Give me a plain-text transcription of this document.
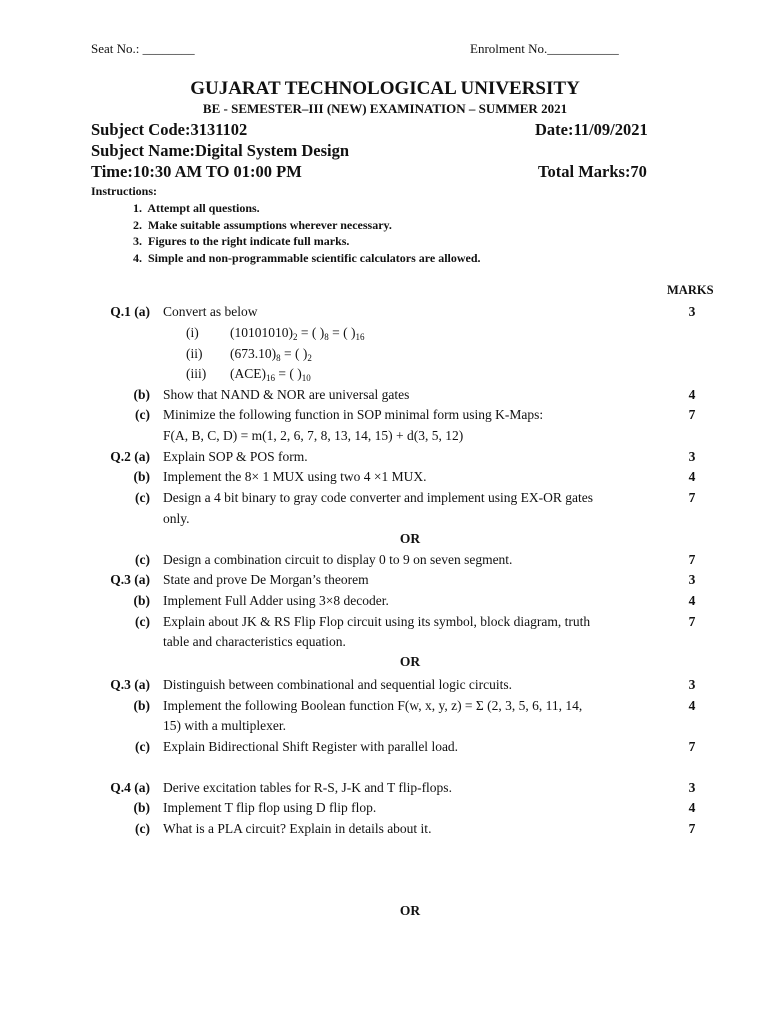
Seat No.: ________	Enrolment No.___________
GUJARAT TECHNOLOGICAL UNIVERSITY
BE - SEMESTER–III (NEW) EXAMINATION – SUMMER 2021
Subject Code:3131102	Date:11/09/2021
Subject Name:Digital System Design
Time:10:30 AM TO 01:00 PM	Total Marks:70
Instructions:
1. Attempt all questions.
2. Make suitable assumptions wherever necessary.
3. Figures to the right indicate full marks.
4. Simple and non-programmable scientific calculators are allowed.
MARKS
Q.1 (a) Convert as below	3
(i) $(10101010)_2$ = ( )$_8$ = ( )$_{16}$
(ii) $(673.10)_8$ = ( )$_2$
(iii) $(ACE)_{16}$ = ( )$_{10}$
(b) Show that NAND & NOR are universal gates	4
(c) Minimize the following function in SOP minimal form using K-Maps:	7
F(A, B, C, D) = m(1, 2, 6, 7, 8, 13, 14, 15) + d(3, 5, 12)
Q.2 (a) Explain SOP & POS form.	3
(b) Implement the 8× 1 MUX using two 4 ×1 MUX.	4
(c) Design a 4 bit binary to gray code converter and implement using EX-OR gates	7
only.
OR
(c) Design a combination circuit to display 0 to 9 on seven segment.	7
Q.3 (a) State and prove De Morgan’s theorem	3
(b) Implement Full Adder using 3×8 decoder.	4
(c) Explain about JK & RS Flip Flop circuit using its symbol, block diagram, truth	7
table and characteristics equation.
OR
Q.3 (a) Distinguish between combinational and sequential logic circuits.	3
(b) Implement the following Boolean function F(w, x, y, z) = Σ (2, 3, 5, 6, 11, 14,	4
15) with a multiplexer.
(c) Explain Bidirectional Shift Register with parallel load.	7
Q.4 (a) Derive excitation tables for R-S, J-K and T flip-flops.	3
(b) Implement T flip flop using D flip flop.	4
(c) What is a PLA circuit? Explain in details about it.	7
OR
